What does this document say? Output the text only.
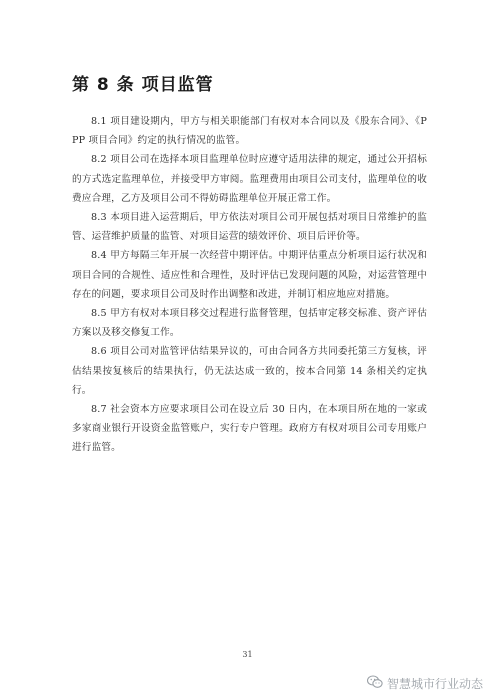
第 8 条 项目监管

8.1 项目建设期内，甲方与相关职能部门有权对本合同以及《股东合同》、《PPP 项目合同》约定的执行情况的监管。

8.2 项目公司在选择本项目监理单位时应遵守适用法律的规定，通过公开招标的方式选定监理单位，并接受甲方审阅。监理费用由项目公司支付，监理单位的收费应合理，乙方及项目公司不得妨碍监理单位开展正常工作。

8.3 本项目进入运营期后，甲方依法对项目公司开展包括对项目日常维护的监管、运营维护质量的监管、对项目运营的绩效评价、项目后评价等。

8.4 甲方每隔三年开展一次经营中期评估。中期评估重点分析项目运行状况和项目合同的合规性、适应性和合理性，及时评估已发现问题的风险，对运营管理中存在的问题，要求项目公司及时作出调整和改进，并制订相应地应对措施。

8.5 甲方有权对本项目移交过程进行监督管理，包括审定移交标准、资产评估方案以及移交修复工作。

8.6 项目公司对监管评估结果异议的，可由合同各方共同委托第三方复核，评估结果按复核后的结果执行，仍无法达成一致的，按本合同第 14 条相关约定执行。

8.7 社会资本方应要求项目公司在设立后 30 日内，在本项目所在地的一家或多家商业银行开设资金监管账户，实行专户管理。政府方有权对项目公司专用账户进行监管。

31
智慧城市行业动态
